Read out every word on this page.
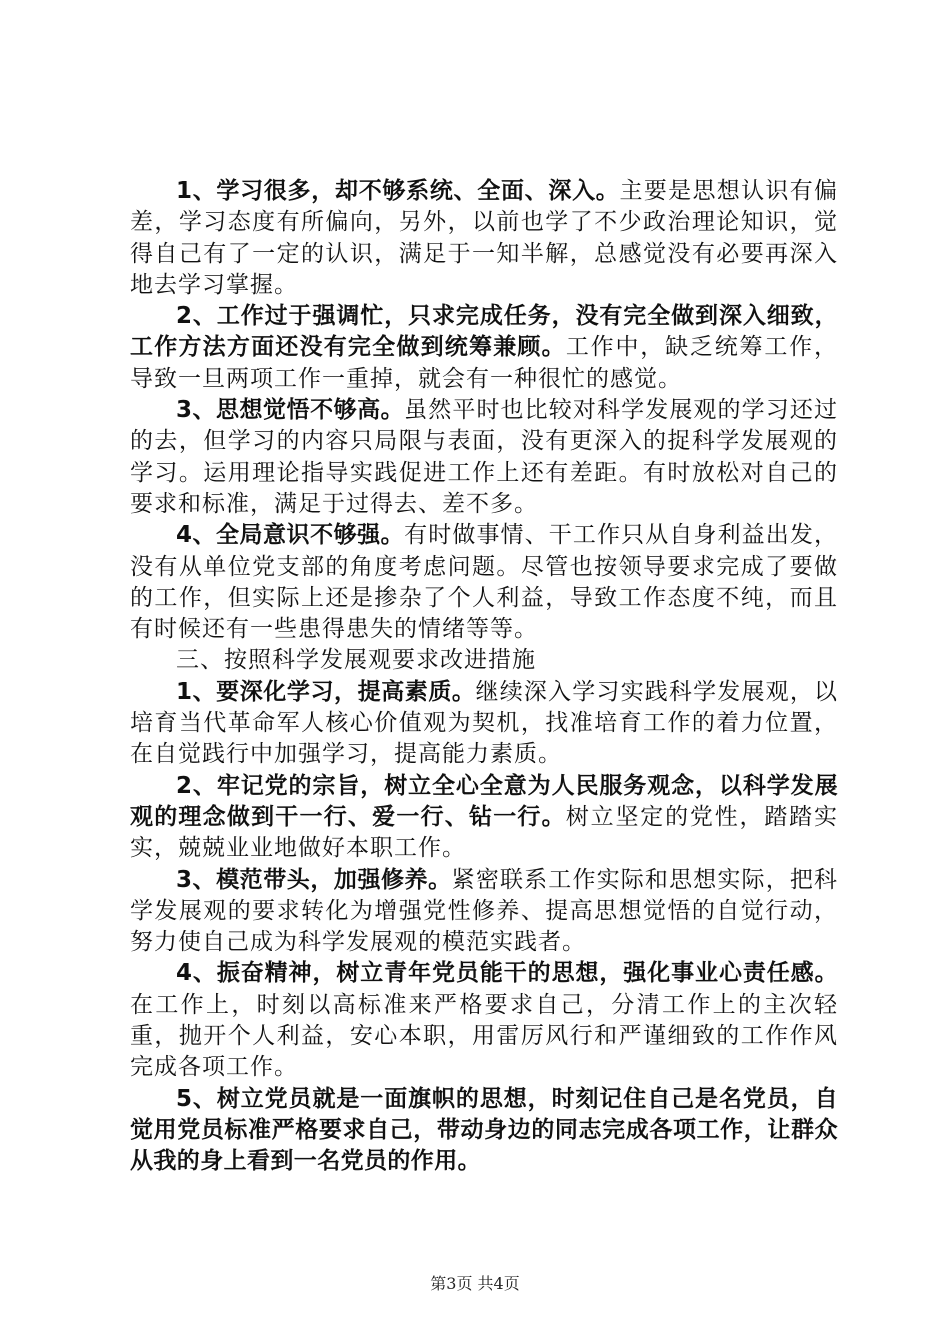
1、学习很多，却不够系统、全面、深入。主要是思想认识有偏差，学习态度有所偏向，另外，以前也学了不少政治理论知识，觉得自己有了一定的认识，满足于一知半解，总感觉没有必要再深入地去学习掌握。

2、工作过于强调忙，只求完成任务，没有完全做到深入细致，工作方法方面还没有完全做到统筹兼顾。工作中，缺乏统筹工作，导致一旦两项工作一重掉，就会有一种很忙的感觉。

3、思想觉悟不够高。虽然平时也比较对科学发展观的学习还过的去，但学习的内容只局限与表面，没有更深入的捉科学发展观的学习。运用理论指导实践促进工作上还有差距。有时放松对自己的要求和标准，满足于过得去、差不多。

4、全局意识不够强。有时做事情、干工作只从自身利益出发，没有从单位党支部的角度考虑问题。尽管也按领导要求完成了要做的工作，但实际上还是掺杂了个人利益，导致工作态度不纯，而且有时候还有一些患得患失的情绪等等。

三、按照科学发展观要求改进措施

1、要深化学习，提高素质。继续深入学习实践科学发展观，以培育当代革命军人核心价值观为契机，找准培育工作的着力位置，在自觉践行中加强学习，提高能力素质。

2、牢记党的宗旨，树立全心全意为人民服务观念，以科学发展观的理念做到干一行、爱一行、钻一行。树立坚定的党性，踏踏实实，兢兢业业地做好本职工作。

3、模范带头，加强修养。紧密联系工作实际和思想实际，把科学发展观的要求转化为增强党性修养、提高思想觉悟的自觉行动，努力使自己成为科学发展观的模范实践者。

4、振奋精神，树立青年党员能干的思想，强化事业心责任感。在工作上，时刻以高标准来严格要求自己，分清工作上的主次轻重，抛开个人利益，安心本职，用雷厉风行和严谨细致的工作作风完成各项工作。

5、树立党员就是一面旗帜的思想，时刻记住自己是名党员，自觉用党员标准严格要求自己，带动身边的同志完成各项工作，让群众从我的身上看到一名党员的作用。

第3页 共4页
